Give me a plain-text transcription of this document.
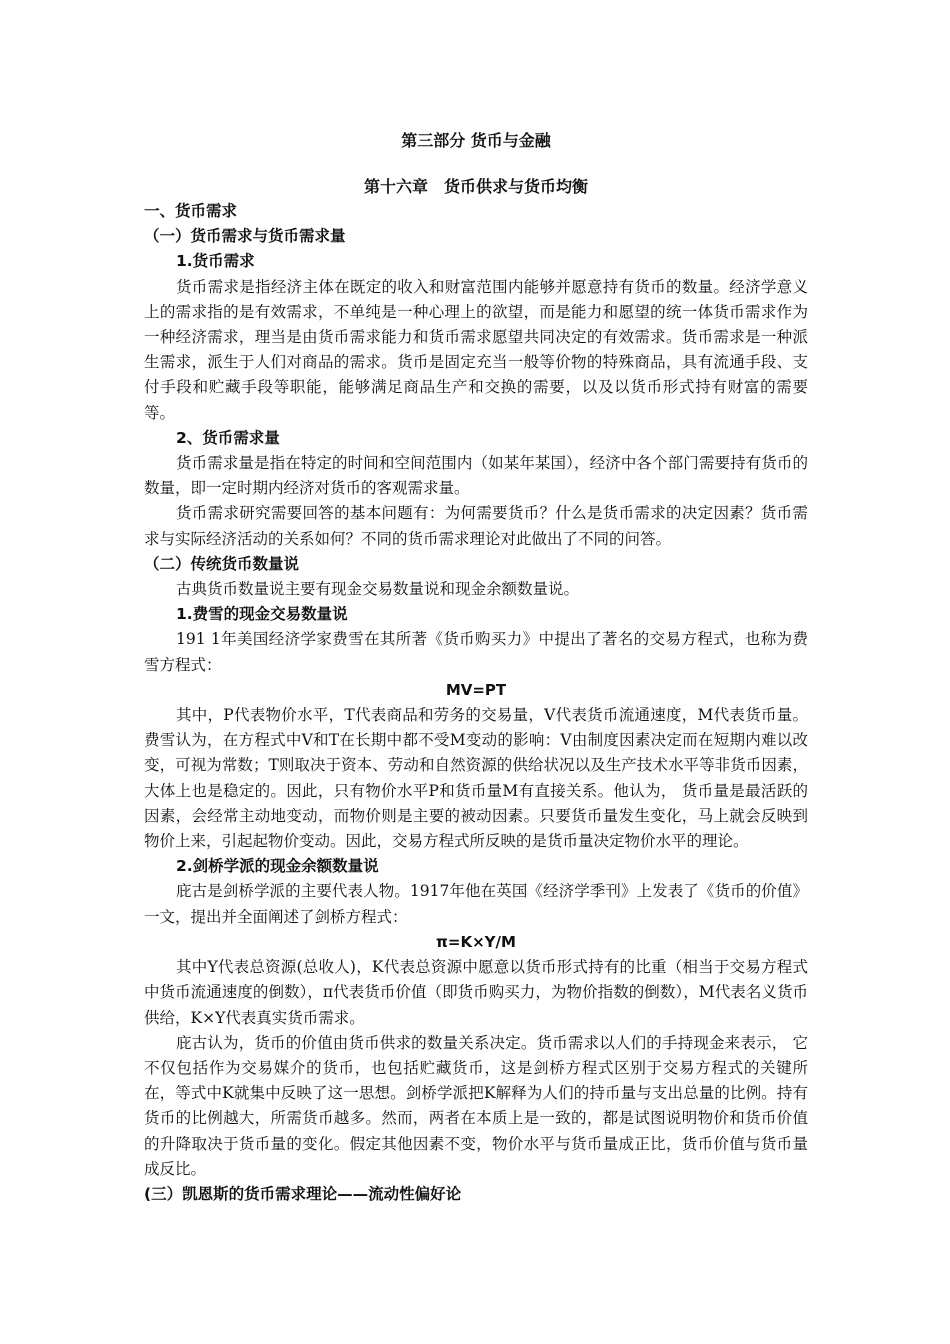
第三部分 货币与金融
第十六章　货币供求与货币均衡
一、货币需求
（一）货币需求与货币需求量
1.货币需求

货币需求是指经济主体在既定的收入和财富范围内能够并愿意持有货币的数量。经济学意义上的需求指的是有效需求，不单纯是一种心理上的欲望，而是能力和愿望的统一体货币需求作为一种经济需求，理当是由货币需求能力和货币需求愿望共同决定的有效需求。货币需求是一种派生需求，派生于人们对商品的需求。货币是固定充当一般等价物的特殊商品，具有流通手段、支付手段和贮藏手段等职能，能够满足商品生产和交换的需要，以及以货币形式持有财富的需要等。

2、货币需求量

货币需求量是指在特定的时间和空间范围内（如某年某国），经济中各个部门需要持有货币的数量，即一定时期内经济对货币的客观需求量。

货币需求研究需要回答的基本问题有：为何需要货币？什么是货币需求的决定因素？货币需求与实际经济活动的关系如何？不同的货币需求理论对此做出了不同的问答。

（二）传统货币数量说

古典货币数量说主要有现金交易数量说和现金余额数量说。

1.费雪的现金交易数量说

191 1年美国经济学家费雪在其所著《货币购买力》中提出了著名的交易方程式，也称为费雪方程式：

MV=PT

其中，P代表物价水平，T代表商品和劳务的交易量，V代表货币流通速度，M代表货币量。费雪认为，在方程式中V和T在长期中都不受M变动的影响：V由制度因素决定而在短期内难以改变，可视为常数；T则取决于资本、劳动和自然资源的供给状况以及生产技术水平等非货币因素，大体上也是稳定的。因此，只有物价水平P和货币量M有直接关系。他认为， 货币量是最活跃的因素，会经常主动地变动，而物价则是主要的被动因素。只要货币量发生变化，马上就会反映到物价上来，引起起物价变动。因此，交易方程式所反映的是货币量决定物价水平的理论。

2.剑桥学派的现金余额数量说

庇古是剑桥学派的主要代表人物。1917年他在英国《经济学季刊》上发表了《货币的价值》一文，提出并全面阐述了剑桥方程式：

π=K×Y/M

其中Y代表总资源(总收人)，K代表总资源中愿意以货币形式持有的比重（相当于交易方程式中货币流通速度的倒数），π代表货币价值（即货币购买力，为物价指数的倒数），M代表名义货币供给，K×Y代表真实货币需求。

庇古认为，货币的价值由货币供求的数量关系决定。货币需求以人们的手持现金来表示， 它不仅包括作为交易媒介的货币，也包括贮藏货币，这是剑桥方程式区别于交易方程式的关键所在，等式中K就集中反映了这一思想。剑桥学派把K解释为人们的持币量与支出总量的比例。持有货币的比例越大，所需货币越多。然而，两者在本质上是一致的，都是试图说明物价和货币价值的升降取决于货币量的变化。假定其他因素不变，物价水平与货币量成正比，货币价值与货币量成反比。

(三）凯恩斯的货币需求理论——流动性偏好论
